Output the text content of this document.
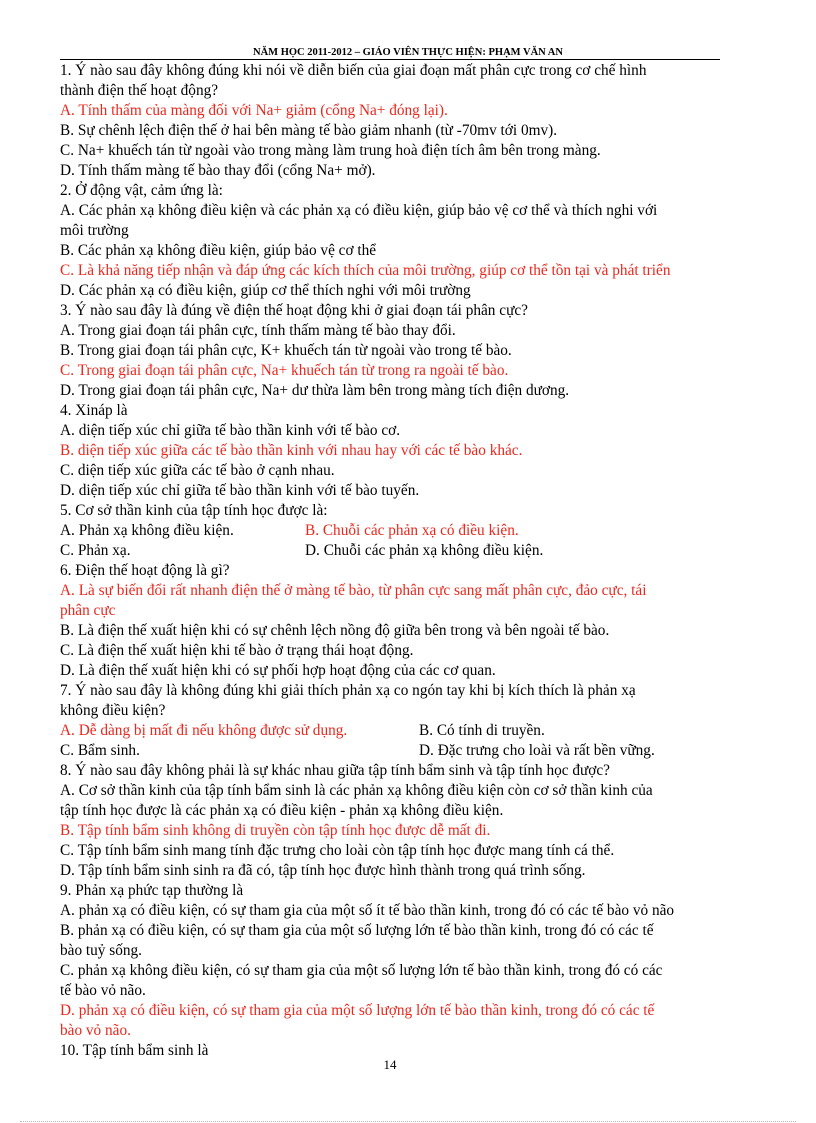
NĂM HỌC 2011-2012 – GIÁO VIÊN THỰC HIỆN: PHẠM VĂN AN
1. Ý nào sau đây không đúng khi nói về diễn biến của giai đoạn mất phân cực trong cơ chế hình
thành điện thế hoạt động?
A. Tính thấm của màng đối với Na+ giảm (cổng Na+ đóng lại).
B. Sự chênh lệch điện thế ở hai bên màng tế bào giảm nhanh (từ -70mv tới 0mv).
C. Na+ khuếch tán từ ngoài vào trong màng làm trung hoà điện tích âm bên trong màng.
D. Tính thấm màng tế bào thay đổi (cổng Na+ mở).
2. Ở động vật, cảm ứng là:
A. Các phản xạ không điều kiện và các phản xạ có điều kiện, giúp bảo vệ cơ thể và thích nghi với
môi trường
B. Các phản xạ không điều kiện, giúp bảo vệ cơ thể
C. Là khả năng tiếp nhận và đáp ứng các kích thích của môi trường, giúp cơ thể tồn tại và phát triển
D. Các phản xạ có điều kiện, giúp cơ thể thích nghi với môi trường
3. Ý nào sau đây là đúng về điện thế hoạt động khi ở giai đoạn tái phân cực?
A. Trong giai đoạn tái phân cực, tính thấm màng tế bào thay đổi.
B. Trong giai đoạn tái phân cực, K+ khuếch tán từ ngoài vào trong tế bào.
C. Trong giai đoạn tái phân cực, Na+ khuếch tán từ trong ra ngoài tế bào.
D. Trong giai đoạn tái phân cực, Na+ dư thừa làm bên trong màng tích điện dương.
4. Xináp là
A. diện tiếp xúc chỉ giữa tế bào thần kinh với tế bào cơ.
B. diện tiếp xúc giữa các tế bào thần kinh với nhau hay với các tế bào khác.
C. diện tiếp xúc giữa các tế bào ở cạnh nhau.
D. diện tiếp xúc chỉ giữa tế bào thần kinh với tế bào tuyến.
5. Cơ sở thần kinh của tập tính học được là:
A. Phản xạ không điều kiện.	B. Chuỗi các phản xạ có điều kiện.
C. Phản xạ.	D. Chuỗi các phản xạ không điều kiện.
6. Điện thế hoạt động là gì?
A. Là sự biến đổi rất nhanh điện thế ở màng tế bào, từ phân cực sang mất phân cực, đảo cực, tái
phân cực
B. Là điện thế xuất hiện khi có sự chênh lệch nồng độ giữa bên trong và bên ngoài tế bào.
C. Là điện thế xuất hiện khi tế bào ở trạng thái hoạt động.
D. Là điện thế xuất hiện khi có sự phối hợp hoạt động của các cơ quan.
7. Ý nào sau đây là không đúng khi giải thích phản xạ co ngón tay khi bị kích thích là phản xạ
không điều kiện?
A. Dễ dàng bị mất đi nếu không được sử dụng.	B. Có tính di truyền.
C. Bẩm sinh.	D. Đặc trưng cho loài và rất bền vững.
8. Ý nào sau đây không phải là sự khác nhau giữa tập tính bẩm sinh và tập tính học được?
A. Cơ sở thần kinh của tập tính bẩm sinh là các phản xạ không điều kiện còn cơ sở thần kinh của
tập tính học được là các phản xạ có điều kiện - phản xạ không điều kiện.
B. Tập tính bẩm sinh không di truyền còn tập tính học được dễ mất đi.
C. Tập tính bẩm sinh mang tính đặc trưng cho loài còn tập tính học được mang tính cá thể.
D. Tập tính bẩm sinh sinh ra đã có, tập tính học được hình thành trong quá trình sống.
9. Phản xạ phức tạp thường là
A. phản xạ có điều kiện, có sự tham gia của một số ít tế bào thần kinh, trong đó có các tế bào vỏ não
B. phản xạ có điều kiện, có sự tham gia của một số lượng lớn tế bào thần kinh, trong đó có các tế
bào tuỷ sống.
C. phản xạ không điều kiện, có sự tham gia của một số lượng lớn tế bào thần kinh, trong đó có các
tế bào vỏ não.
D. phản xạ có điều kiện, có sự tham gia của một số lượng lớn tế bào thần kinh, trong đó có các tế
bào vỏ não.
10. Tập tính bẩm sinh là
14
